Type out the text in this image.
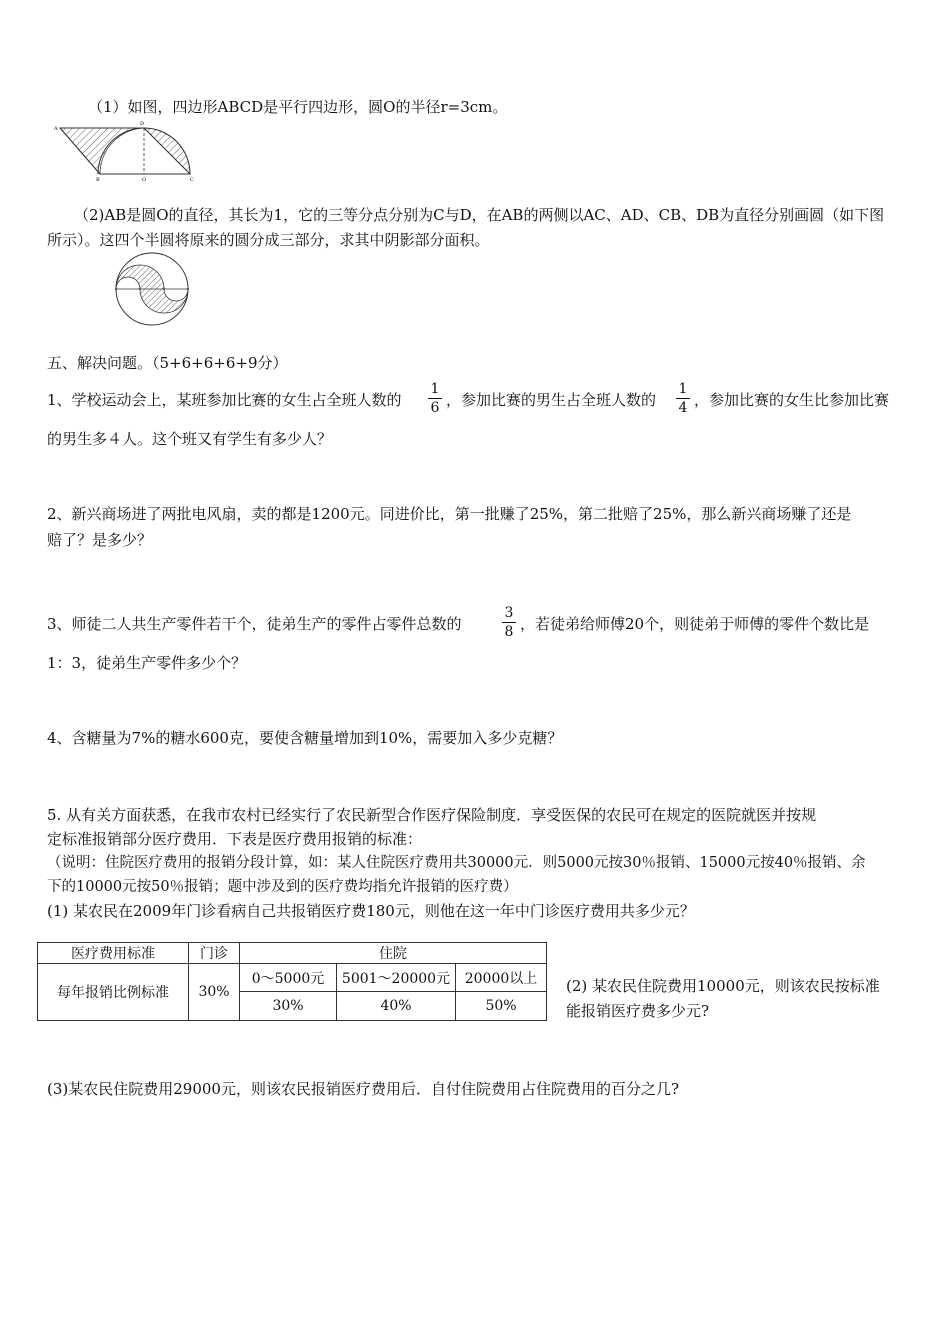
（1）如图，四边形ABCD是平行四边形，圆O的半径r=3cm。
A
D
B	O	C
（2)AB是圆O的直径，其长为1，它的三等分点分别为C与D，在AB的两侧以AC、AD、CB、DB为直径分别画圆（如下图
所示）。这四个半圆将原来的圆分成三部分，求其中阴影部分面积。
五、解决问题。（5+6+6+6+9分）
1、学校运动会上，某班参加比赛的女生占全班人数的
1
6 ，参加比赛的男生占全班人数的
1
4 ，参加比赛的女生比参加比赛
的男生多４人。这个班又有学生有多少人？
2、新兴商场进了两批电风扇，卖的都是1200元。同进价比，第一批赚了25%，第二批赔了25%，那么新兴商场赚了还是
赔了？是多少？
3、师徒二人共生产零件若干个，徒弟生产的零件占零件总数的
3
8 ，若徒弟给师傅20个，则徒弟于师傅的零件个数比是
1：3，徒弟生产零件多少个？
4、含糖量为7%的糖水600克，要使含糖量增加到10%，需要加入多少克糖？
5. 从有关方面获悉，在我市农村已经实行了农民新型合作医疗保险制度．享受医保的农民可在规定的医院就医并按规
定标准报销部分医疗费用．下表是医疗费用报销的标准：
（说明：住院医疗费用的报销分段计算，如：某人住院医疗费用共30000元．则5000元按30％报销、15000元按40％报销、余
下的10000元按50％报销；题中涉及到的医疗费均指允许报销的医疗费）
(1) 某农民在2009年门诊看病自己共报销医疗费180元，则他在这一年中门诊医疗费用共多少元？
医疗费用标准	门诊	住院		
每年报销比例标准	30%	0～5000元	5001～20000元	20000以上
		30%	40%	50%
(2) 某农民住院费用10000元，则该农民按标准
能报销医疗费多少元?
(3)某农民住院费用29000元，则该农民报销医疗费用后．自付住院费用占住院费用的百分之几?
